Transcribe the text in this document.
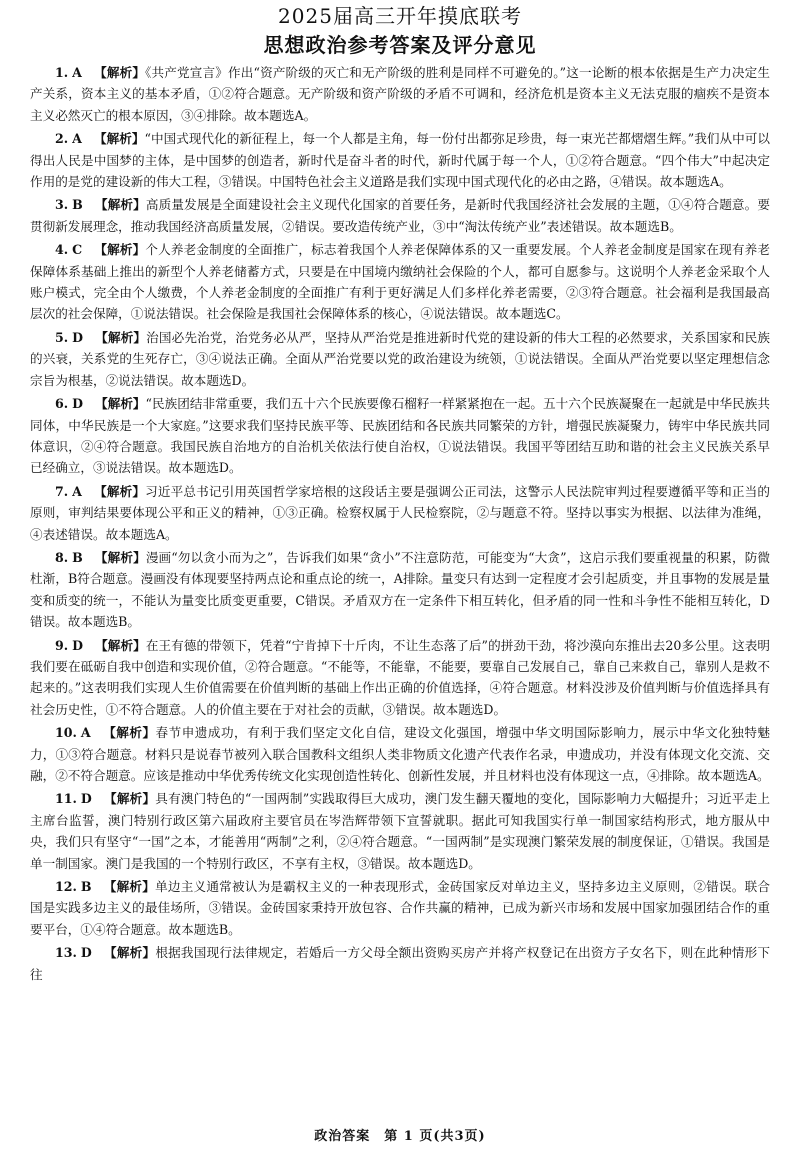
2025届高三开年摸底联考
思想政治参考答案及评分意见

1. A 【解析】《共产党宣言》作出“资产阶级的灭亡和无产阶级的胜利是同样不可避免的。”这一论断的根本依据是生产力决定生产关系，资本主义的基本矛盾，①②符合题意。无产阶级和资产阶级的矛盾不可调和，经济危机是资本主义无法克服的痼疾不是资本主义必然灭亡的根本原因，③④排除。故本题选A。

2. A 【解析】“中国式现代化的新征程上，每一个人都是主角，每一份付出都弥足珍贵，每一束光芒都熠熠生辉。”我们从中可以得出人民是中国梦的主体，是中国梦的创造者，新时代是奋斗者的时代，新时代属于每一个人，①②符合题意。“四个伟大”中起决定作用的是党的建设新的伟大工程，③错误。中国特色社会主义道路是我们实现中国式现代化的必由之路，④错误。故本题选A。

3. B 【解析】高质量发展是全面建设社会主义现代化国家的首要任务，是新时代我国经济社会发展的主题，①④符合题意。要贯彻新发展理念，推动我国经济高质量发展，②错误。要改造传统产业，③中“淘汰传统产业”表述错误。故本题选B。

4. C 【解析】个人养老金制度的全面推广，标志着我国个人养老保障体系的又一重要发展。个人养老金制度是国家在现有养老保障体系基础上推出的新型个人养老储蓄方式，只要是在中国境内缴纳社会保险的个人，都可自愿参与。这说明个人养老金采取个人账户模式，完全由个人缴费，个人养老金制度的全面推广有利于更好满足人们多样化养老需要，②③符合题意。社会福利是我国最高层次的社会保障，①说法错误。社会保险是我国社会保障体系的核心，④说法错误。故本题选C。

5. D 【解析】治国必先治党，治党务必从严，坚持从严治党是推进新时代党的建设新的伟大工程的必然要求，关系国家和民族的兴衰，关系党的生死存亡，③④说法正确。全面从严治党要以党的政治建设为统领，①说法错误。全面从严治党要以坚定理想信念宗旨为根基，②说法错误。故本题选D。

6. D 【解析】“民族团结非常重要，我们五十六个民族要像石榴籽一样紧紧抱在一起。五十六个民族凝聚在一起就是中华民族共同体，中华民族是一个大家庭。”这要求我们坚持民族平等、民族团结和各民族共同繁荣的方针，增强民族凝聚力，铸牢中华民族共同体意识，②④符合题意。我国民族自治地方的自治机关依法行使自治权，①说法错误。我国平等团结互助和谐的社会主义民族关系早已经确立，③说法错误。故本题选D。

7. A 【解析】习近平总书记引用英国哲学家培根的这段话主要是强调公正司法，这警示人民法院审判过程要遵循平等和正当的原则，审判结果要体现公平和正义的精神，①③正确。检察权属于人民检察院，②与题意不符。坚持以事实为根据、以法律为准绳，④表述错误。故本题选A。

8. B 【解析】漫画“勿以贪小而为之”，告诉我们如果“贪小”不注意防范，可能变为“大贪”，这启示我们要重视量的积累，防微杜渐，B符合题意。漫画没有体现要坚持两点论和重点论的统一，A排除。量变只有达到一定程度才会引起质变，并且事物的发展是量变和质变的统一，不能认为量变比质变更重要，C错误。矛盾双方在一定条件下相互转化，但矛盾的同一性和斗争性不能相互转化，D错误。故本题选B。

9. D 【解析】在王有德的带领下，凭着“宁肯掉下十斤肉，不让生态落了后”的拼劲干劲，将沙漠向东推出去20多公里。这表明我们要在砥砺自我中创造和实现价值，②符合题意。“不能等，不能靠，不能要，要靠自己发展自己，靠自己来救自己，靠别人是救不起来的。”这表明我们实现人生价值需要在价值判断的基础上作出正确的价值选择，④符合题意。材料没涉及价值判断与价值选择具有社会历史性，①不符合题意。人的价值主要在于对社会的贡献，③错误。故本题选D。

10. A 【解析】春节申遗成功，有利于我们坚定文化自信，建设文化强国，增强中华文明国际影响力，展示中华文化独特魅力，①③符合题意。材料只是说春节被列入联合国教科文组织人类非物质文化遗产代表作名录，申遗成功，并没有体现文化交流、交融，②不符合题意。应该是推动中华优秀传统文化实现创造性转化、创新性发展，并且材料也没有体现这一点，④排除。故本题选A。

11. D 【解析】具有澳门特色的“一国两制”实践取得巨大成功，澳门发生翻天覆地的变化，国际影响力大幅提升；习近平走上主席台监誓，澳门特别行政区第六届政府主要官员在岑浩辉带领下宣誓就职。据此可知我国实行单一制国家结构形式，地方服从中央，我们只有坚守“一国”之本，才能善用“两制”之利，②④符合题意。“一国两制”是实现澳门繁荣发展的制度保证，①错误。我国是单一制国家。澳门是我国的一个特别行政区，不享有主权，③错误。故本题选D。

12. B 【解析】单边主义通常被认为是霸权主义的一种表现形式，金砖国家反对单边主义，坚持多边主义原则，②错误。联合国是实践多边主义的最佳场所，③错误。金砖国家秉持开放包容、合作共赢的精神，已成为新兴市场和发展中国家加强团结合作的重要平台，①④符合题意。故本题选B。

13. D 【解析】根据我国现行法律规定，若婚后一方父母全额出资购买房产并将产权登记在出资方子女名下，则在此种情形下往

政治答案　第 1 页(共3页)
